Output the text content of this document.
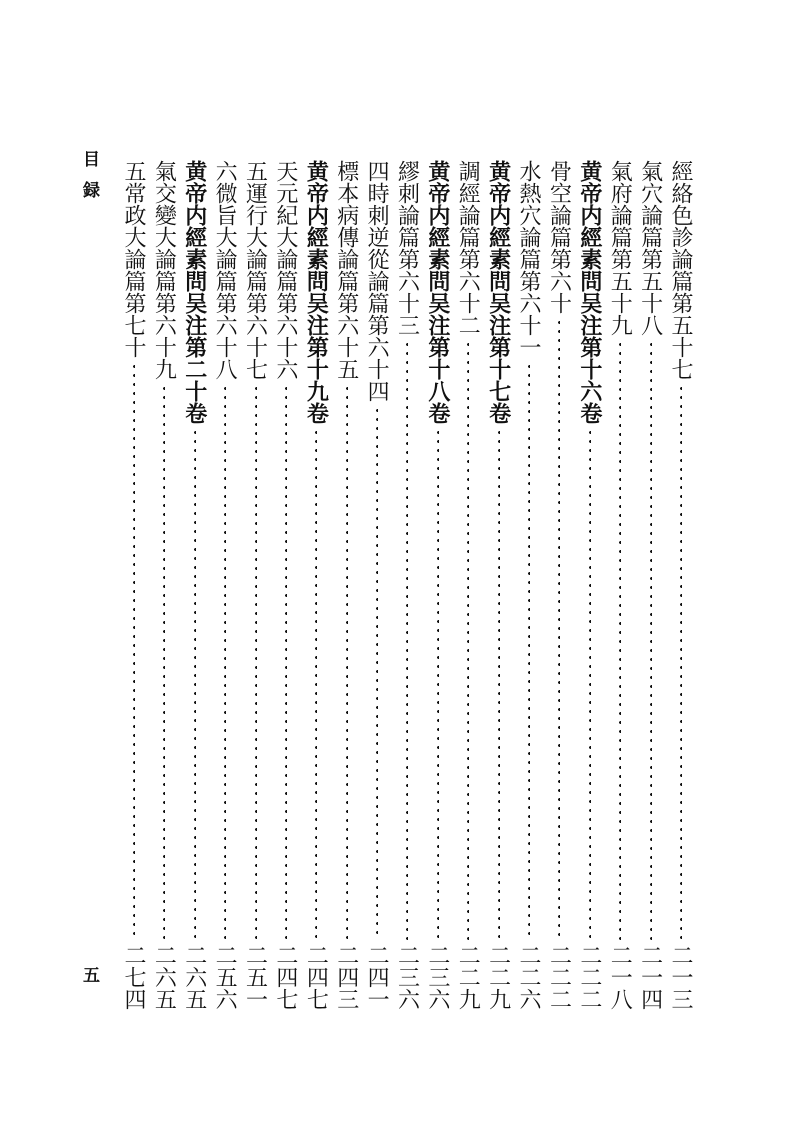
目録
五
經絡色診論篇第五十七
二一三
氣穴論篇第五十八
二一四
氣府論篇第五十九
二一八
黄帝内經素問吴注第十六卷
二二二
骨空論篇第六十
二二二
水熱穴論篇第六十一
二二六
黄帝内經素問吴注第十七卷
二二九
調經論篇第六十二
二二九
黄帝内經素問吴注第十八卷
二三六
繆刺論篇第六十三
二三六
四時刺逆從論篇第六十四
二四一
標本病傳論篇第六十五
二四三
黄帝内經素問吴注第十九卷
二四七
天元紀大論篇第六十六
二四七
五運行大論篇第六十七
二五一
六微旨大論篇第六十八
二五六
黄帝内經素問吴注第二十卷
二六五
氣交變大論篇第六十九
二六五
五常政大論篇第七十
二七四
